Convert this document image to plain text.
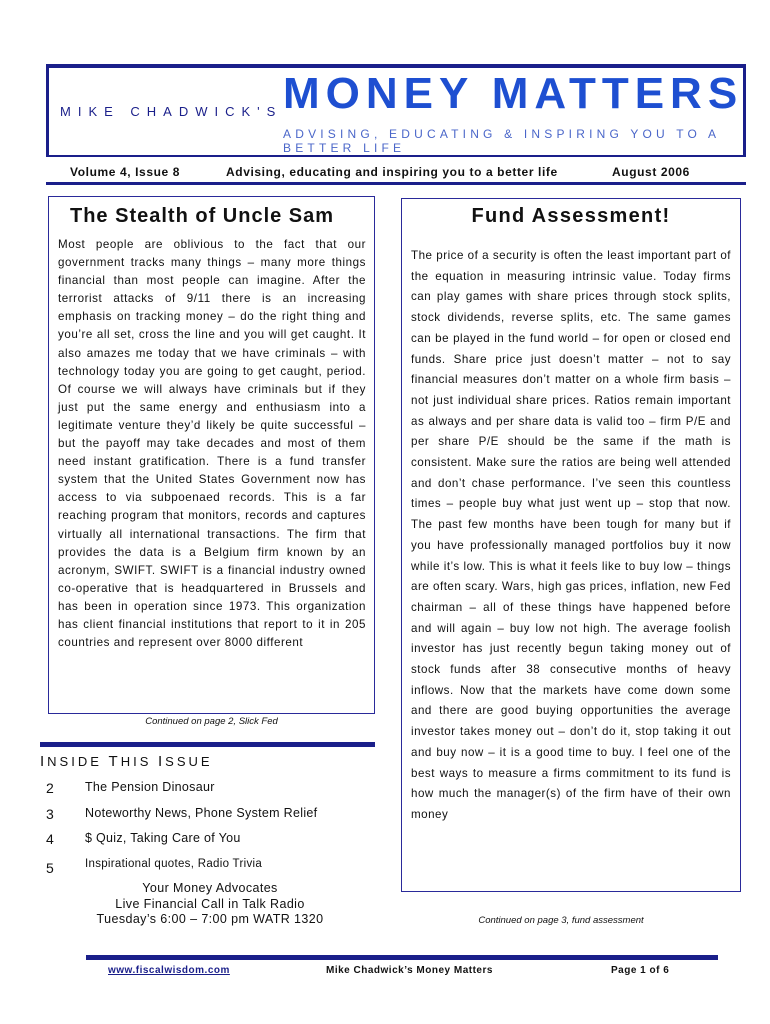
MIKE CHADWICK'S MONEY MATTERS
ADVISING, EDUCATING & INSPIRING YOU TO A BETTER LIFE
Volume 4, Issue 8	Advising, educating and inspiring you to a better life	August 2006
The Stealth of Uncle Sam
Most people are oblivious to the fact that our government tracks many things – many more things financial than most people can imagine. After the terrorist attacks of 9/11 there is an increasing emphasis on tracking money – do the right thing and you’re all set, cross the line and you will get caught. It also amazes me today that we have criminals – with technology today you are going to get caught, period. Of course we will always have criminals but if they just put the same energy and enthusiasm into a legitimate venture they’d likely be quite successful – but the payoff may take decades and most of them need instant gratification. There is a fund transfer system that the United States Government now has access to via subpoenaed records. This is a far reaching program that monitors, records and captures virtually all international transactions. The firm that provides the data is a Belgium firm known by an acronym, SWIFT. SWIFT is a financial industry owned co-operative that is headquartered in Brussels and has been in operation since 1973. This organization has client financial institutions that report to it in 205 countries and represent over 8000 different
Continued on page 2, Slick Fed
INSIDE THIS ISSUE
2 The Pension Dinosaur
3 Noteworthy News, Phone System Relief
4 $ Quiz, Taking Care of You
5	Inspirational quotes, Radio Trivia
Your Money Advocates
Live Financial Call in Talk Radio
Tuesday’s 6:00 – 7:00 pm WATR 1320
Fund Assessment!
The price of a security is often the least important part of the equation in measuring intrinsic value. Today firms can play games with share prices through stock splits, stock dividends, reverse splits, etc. The same games can be played in the fund world – for open or closed end funds. Share price just doesn’t matter – not to say financial measures don’t matter on a whole firm basis – not just individual share prices. Ratios remain important as always and per share data is valid too – firm P/E and per share P/E should be the same if the math is consistent. Make sure the ratios are being well attended and don’t chase performance. I’ve seen this countless times – people buy what just went up – stop that now. The past few months have been tough for many but if you have professionally managed portfolios buy it now while it’s low. This is what it feels like to buy low – things are often scary. Wars, high gas prices, inflation, new Fed chairman – all of these things have happened before and will again – buy low not high. The average foolish investor has just recently begun taking money out of stock funds after 38 consecutive months of heavy inflows. Now that the markets have come down some and there are good buying opportunities the average investor takes money out – don’t do it, stop taking it out and buy now – it is a good time to buy. I feel one of the best ways to measure a firms commitment to its fund is how much the manager(s) of the firm have of their own money
Continued on page 3, fund assessment
www.fiscalwisdom.com	Mike Chadwick’s Money Matters	Page 1 of 6
